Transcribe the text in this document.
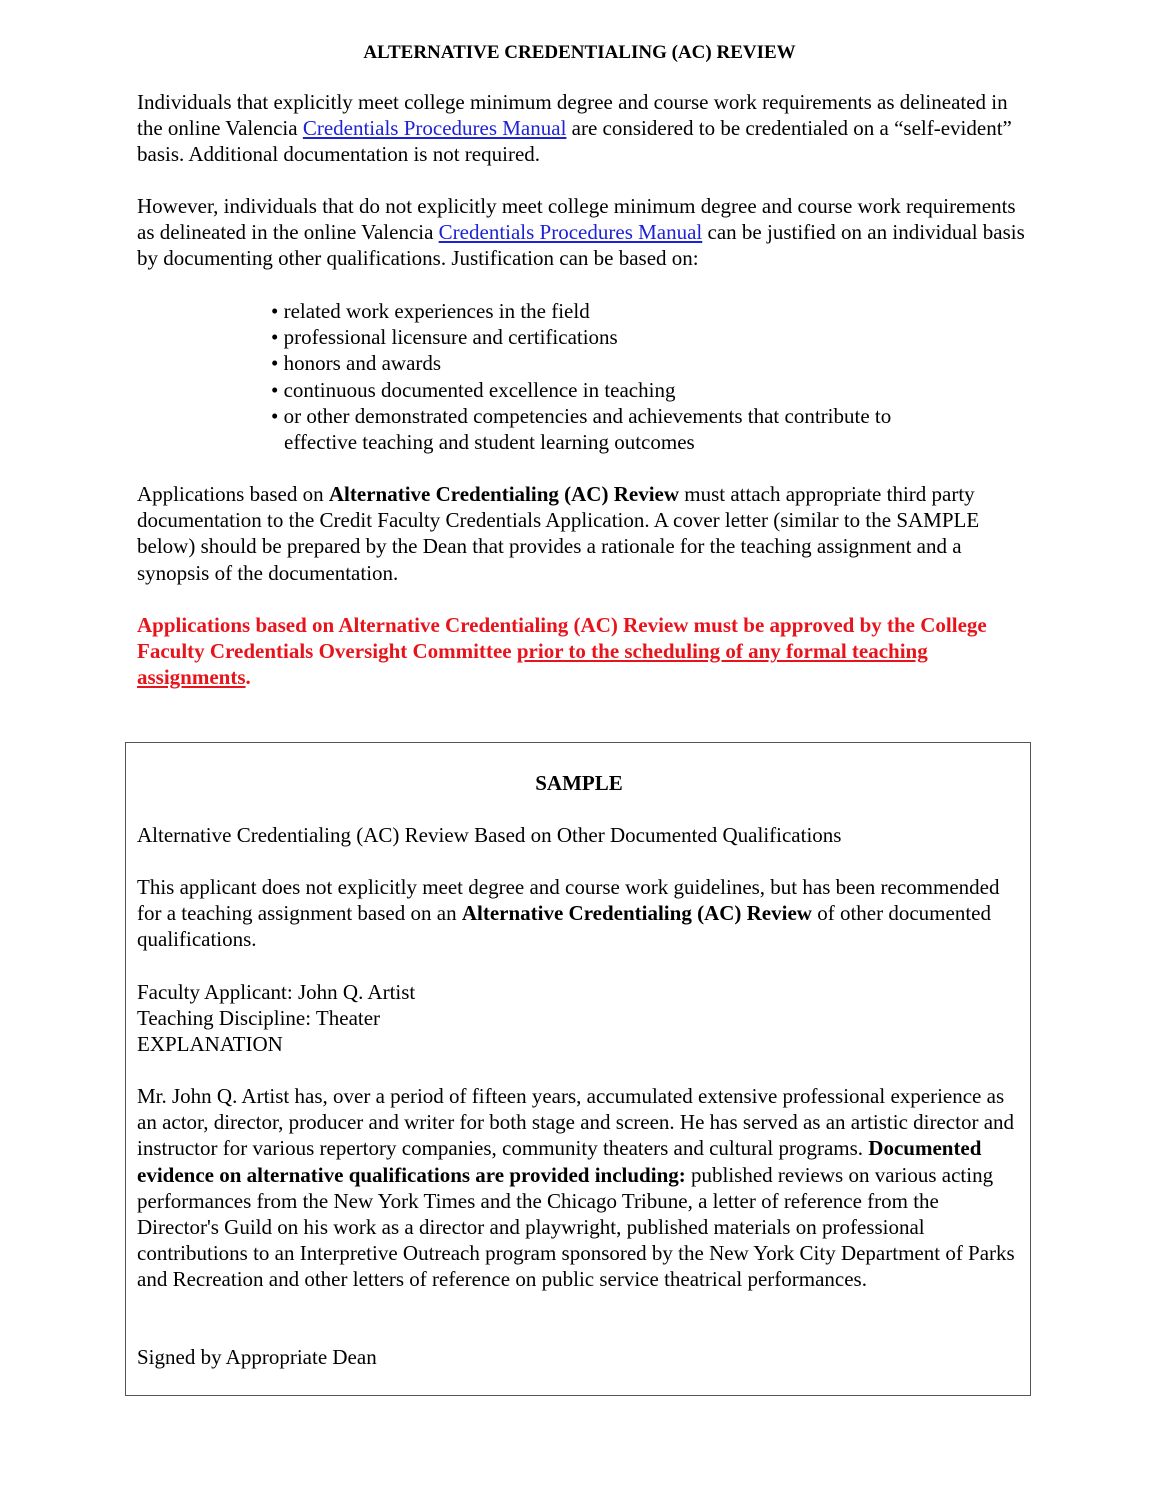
ALTERNATIVE CREDENTIALING (AC) REVIEW

Individuals that explicitly meet college minimum degree and course work requirements as delineated in the online Valencia Credentials Procedures Manual are considered to be credentialed on a “self-evident” basis. Additional documentation is not required.

However, individuals that do not explicitly meet college minimum degree and course work requirements as delineated in the online Valencia Credentials Procedures Manual can be justified on an individual basis by documenting other qualifications. Justification can be based on:

• related work experiences in the field
• professional licensure and certifications
• honors and awards
• continuous documented excellence in teaching
• or other demonstrated competencies and achievements that contribute to
effective teaching and student learning outcomes

Applications based on Alternative Credentialing (AC) Review must attach appropriate third party documentation to the Credit Faculty Credentials Application. A cover letter (similar to the SAMPLE below) should be prepared by the Dean that provides a rationale for the teaching assignment and a synopsis of the documentation.

Applications based on Alternative Credentialing (AC) Review must be approved by the College Faculty Credentials Oversight Committee prior to the scheduling of any formal teaching assignments.

SAMPLE

Alternative Credentialing (AC) Review Based on Other Documented Qualifications

This applicant does not explicitly meet degree and course work guidelines, but has been recommended for a teaching assignment based on an Alternative Credentialing (AC) Review of other documented qualifications.

Faculty Applicant: John Q. Artist
Teaching Discipline: Theater
EXPLANATION

Mr. John Q. Artist has, over a period of fifteen years, accumulated extensive professional experience as an actor, director, producer and writer for both stage and screen. He has served as an artistic director and instructor for various repertory companies, community theaters and cultural programs. Documented evidence on alternative qualifications are provided including: published reviews on various acting performances from the New York Times and the Chicago Tribune, a letter of reference from the Director's Guild on his work as a director and playwright, published materials on professional contributions to an Interpretive Outreach program sponsored by the New York City Department of Parks and Recreation and other letters of reference on public service theatrical performances.

Signed by Appropriate Dean
